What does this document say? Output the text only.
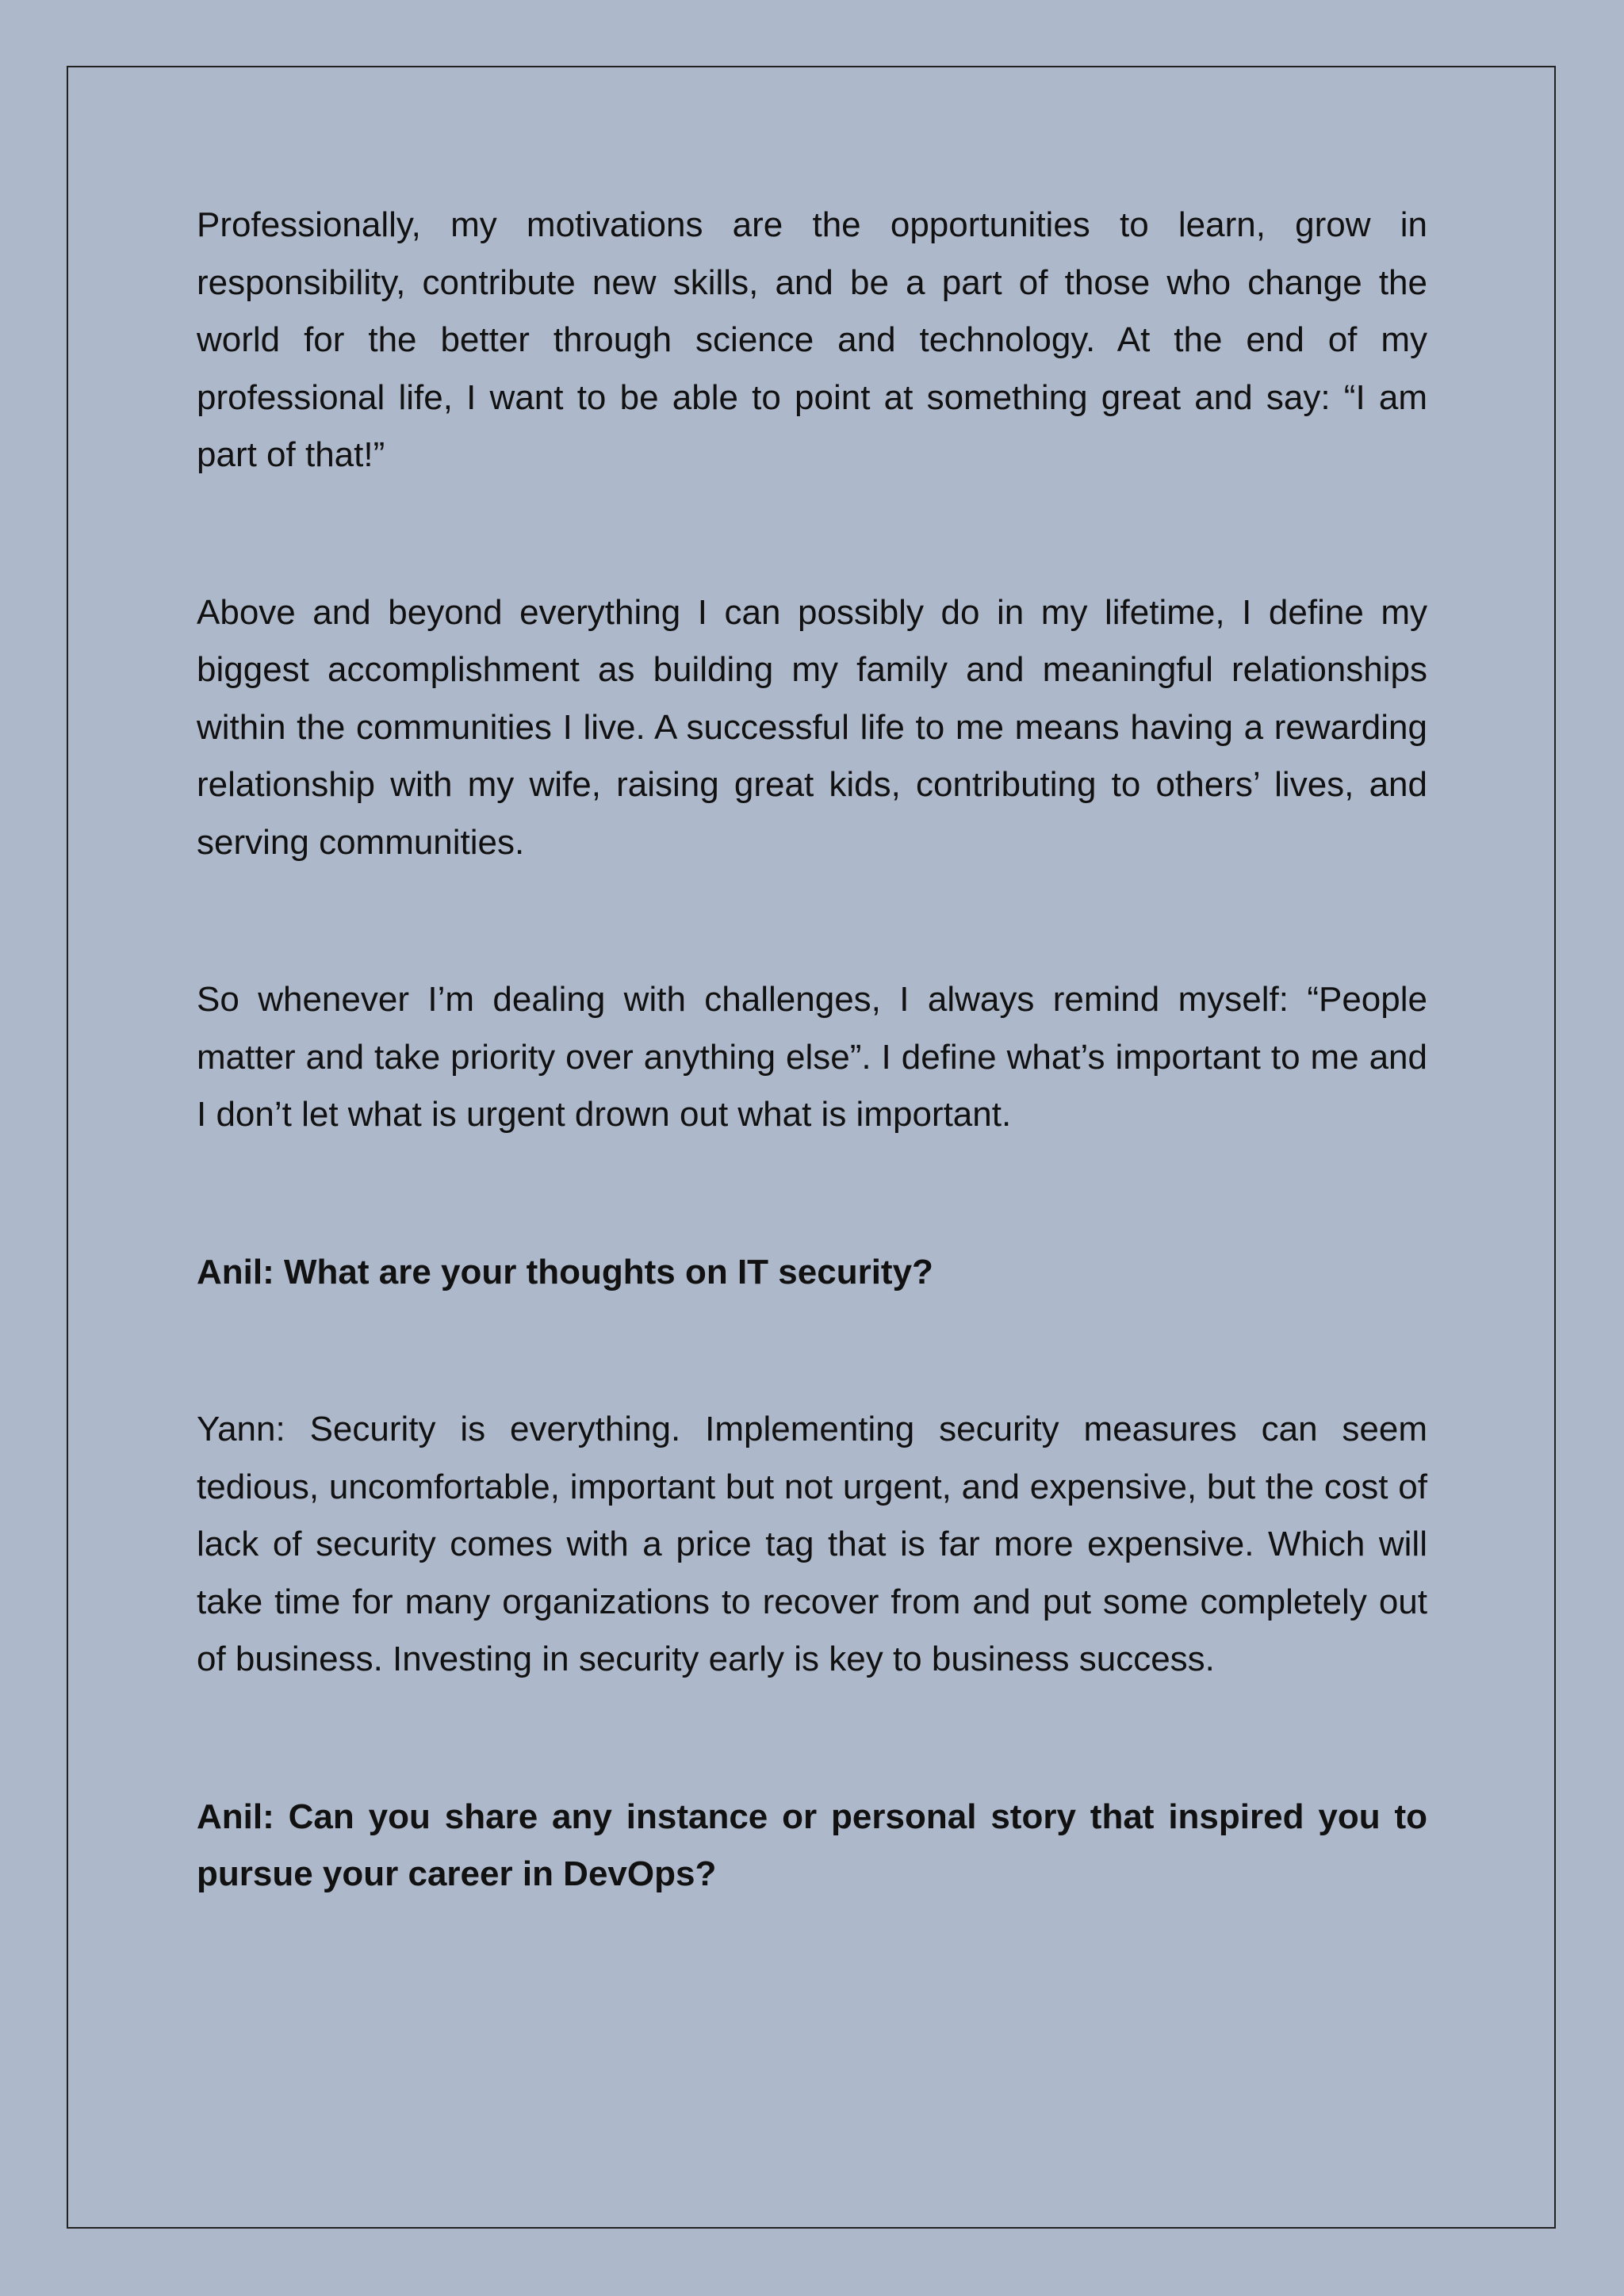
Professionally, my motivations are the opportunities to learn, grow in responsibility, contribute new skills, and be a part of those who change the world for the better through science and technology. At the end of my professional life, I want to be able to point at something great and say: “I am part of that!”

Above and beyond everything I can possibly do in my lifetime, I define my biggest accomplishment as building my family and meaningful relationships within the communities I live. A successful life to me means having a rewarding relationship with my wife, raising great kids, contributing to others’ lives, and serving communities.

So whenever I’m dealing with challenges, I always remind myself: “People matter and take priority over anything else”. I define what’s important to me and I don’t let what is urgent drown out what is important.

Anil: What are your thoughts on IT security?

Yann: Security is everything. Implementing security measures can seem tedious, uncomfortable, important but not urgent, and expensive, but the cost of lack of security comes with a price tag that is far more expensive. Which will take time for many organizations to recover from and put some completely out of business. Investing in security early is key to business success.

Anil: Can you share any instance or personal story that inspired you to pursue your career in DevOps?
